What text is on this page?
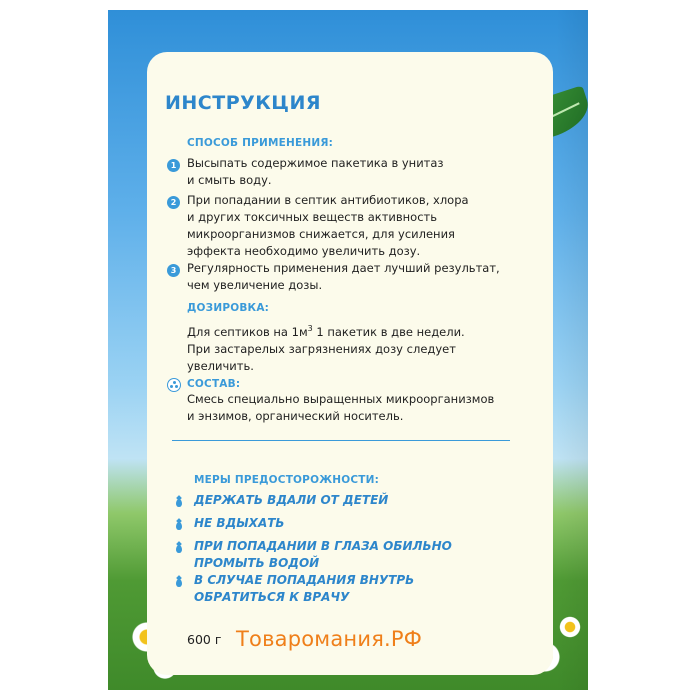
ИНСТРУКЦИЯ
СПОСОБ ПРИМЕНЕНИЯ:
1 Высыпать содержимое пакетика в унитаз
и смыть воду.
2 При попадании в септик антибиотиков, хлора
и других токсичных веществ активность
микроорганизмов снижается, для усиления
эффекта необходимо увеличить дозу.
3 Регулярность применения дает лучший результат,
чем увеличение дозы.
ДОЗИРОВКА:
Для септиков на $1м^3$ 1 пакетик в две недели.
При застарелых загрязнениях дозу следует
увеличить.
СОСТАВ:
Смесь специально выращенных микроорганизмов
и энзимов, органический носитель.
МЕРЫ ПРЕДОСТОРОЖНОСТИ:
ДЕРЖАТЬ ВДАЛИ ОТ ДЕТЕЙ
НЕ ВДЫХАТЬ
ПРИ ПОПАДАНИИ В ГЛАЗА ОБИЛЬНО
ПРОМЫТЬ ВОДОЙ
В СЛУЧАЕ ПОПАДАНИЯ ВНУТРЬ
ОБРАТИТЬСЯ К ВРАЧУ
600 г Товаромания.РФ
